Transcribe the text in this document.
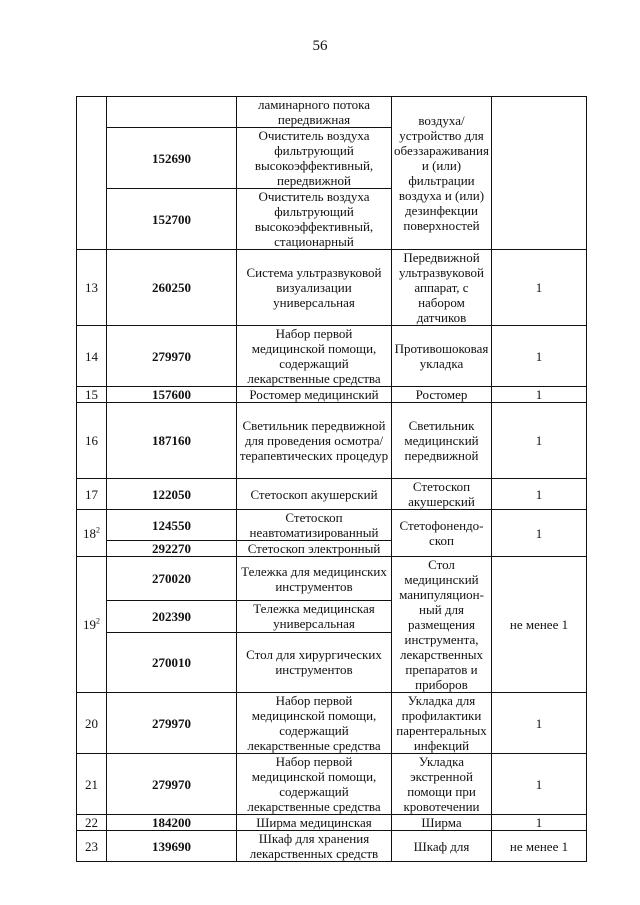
56
		ламинарного потока передвижная	воздуха/ устройство для обеззараживания и (или) фильтрации воздуха и (или) дезинфекции поверхностей	
	152690	Очиститель воздуха фильтрующий высокоэффективный, передвижной		
	152700	Очиститель воздуха фильтрующий высокоэффективный, стационарный		
13	260250	Система ультразвуковой визуализации универсальная	Передвижной ультразвуковой аппарат, с набором датчиков	1
14	279970	Набор первой медицинской помощи, содержащий лекарственные средства	Противошоковая укладка	1
15	157600	Ростомер медицинский	Ростомер	1
16	187160	Светильник передвижной для проведения осмотра/терапевтических процедур	Светильник медицинский передвижной	1
17	122050	Стетоскоп акушерский	Стетоскоп акушерский	1
$18^2$	124550	Стетоскоп неавтоматизированный	Стетофонендо-скоп	1
	292270	Стетоскоп электронный		
$19^2$	270020	Тележка для медицинских инструментов	Стол медицинский манипуляцион-ный для размещения инструмента, лекарственных препаратов и приборов	не менее 1
	202390	Тележка медицинская универсальная		
	270010	Стол для хирургических инструментов		
20	279970	Набор первой медицинской помощи, содержащий лекарственные средства	Укладка для профилактики парентеральных инфекций	1
21	279970	Набор первой медицинской помощи, содержащий лекарственные средства	Укладка экстренной помощи при кровотечении	1
22	184200	Ширма медицинская	Ширма	1
23	139690	Шкаф для хранения лекарственных средств	Шкаф для	не менее 1
